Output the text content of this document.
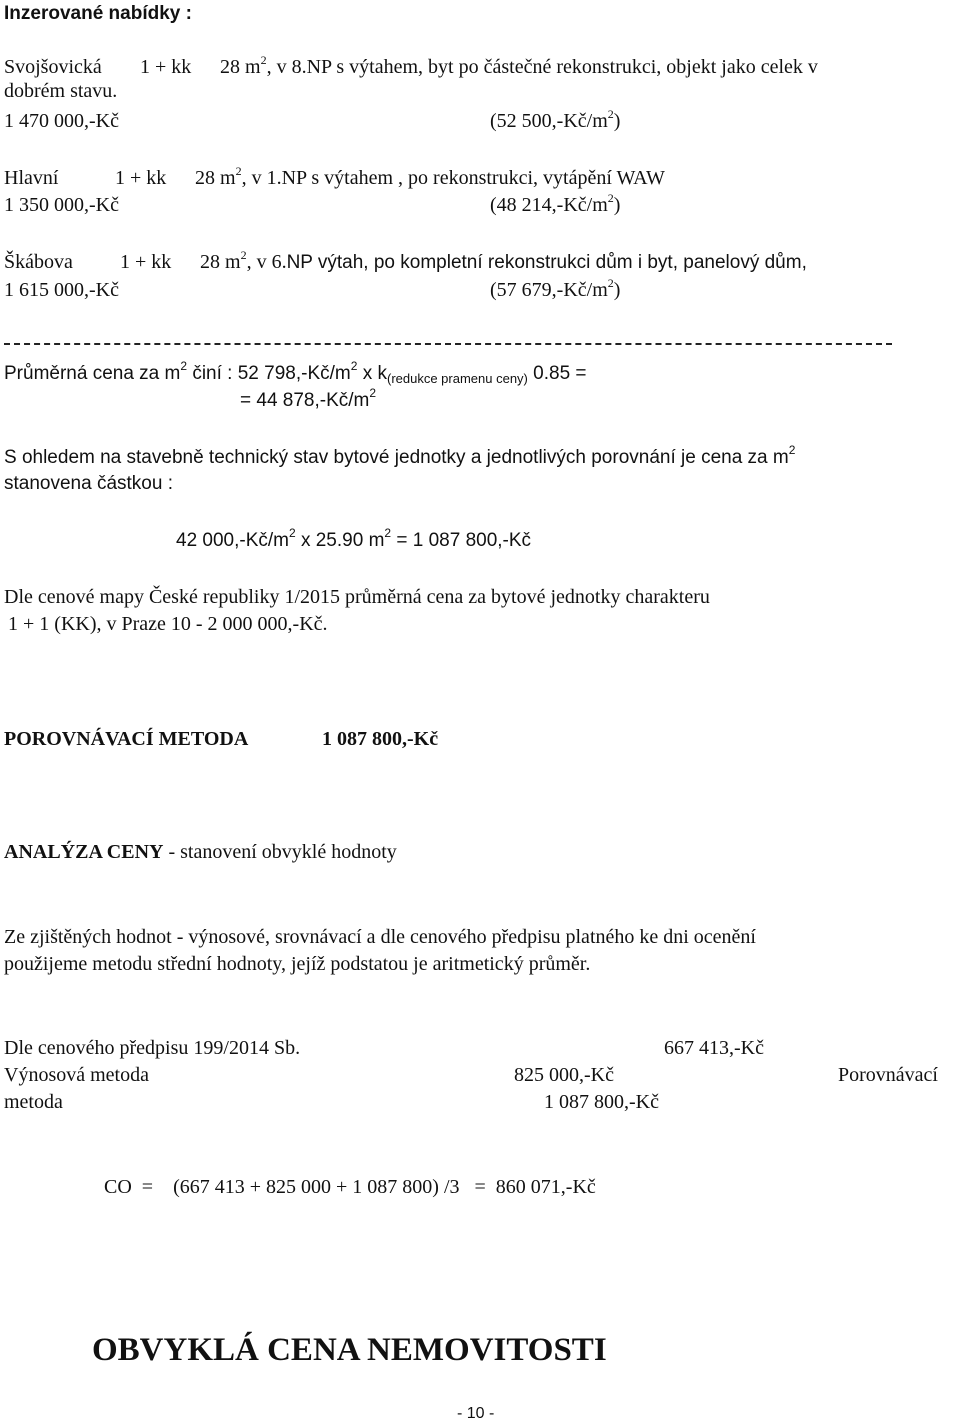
Inzerované nabídky :
Svojšovická 1 + kk 28 $m^2$, v 8.NP s výtahem, byt po částečné rekonstrukci, objekt jako celek v
dobrém stavu.
1 470 000,-Kč	(52 $500,-Kč/m^2$)
Hlavní	1 + kk 28 $m^2$, v 1.NP s výtahem , po rekonstrukci, vytápění WAW
1 350 000,-Kč	(48 $214,-Kč/m^2$)
Škábova 1 + kk 28 $m^2$, v 6.NP výtah, po kompletní rekonstrukci dům i byt, panelový dům,
1 615 000,-Kč	(57 $679,-Kč/m^2$)
Průměrná cena za $m^2$ činí : 52 $798,-Kč/m^2$ x $k_{(redukce pramenu ceny)}$ 0.85 =
= 44 $878,-Kč/m^2$
S ohledem na stavebně technický stav bytové jednotky a jednotlivých porovnání je cena za $m^2$
stanovena částkou :
42 $000,-Kč/m^2$ x 25.90 $m^2 = 1$ 087 800,-Kč
Dle cenové mapy České republiky 1/2015 průměrná cena za bytové jednotky charakteru
1 + 1 (KK), v Praze 10 - 2 000 000,-Kč.
POROVNÁVACÍ METODA	1 087 800,-Kč
ANALÝZA CENY - stanovení obvyklé hodnoty
Ze zjištěných hodnot - výnosové, srovnávací a dle cenového předpisu platného ke dni ocenění
použijeme metodu střední hodnoty, jejíž podstatou je aritmetický průměr.
Dle cenového předpisu 199/2014 Sb.	667 413,-Kč
Výnosová metoda	825 000,-Kč	Porovnávací
metoda	1 087 800,-Kč
CO  =    (667 413 + 825 000 + 1 087 800) /3   =  860 071,-Kč
OBVYKLÁ CENA NEMOVITOSTI
- 10 -
